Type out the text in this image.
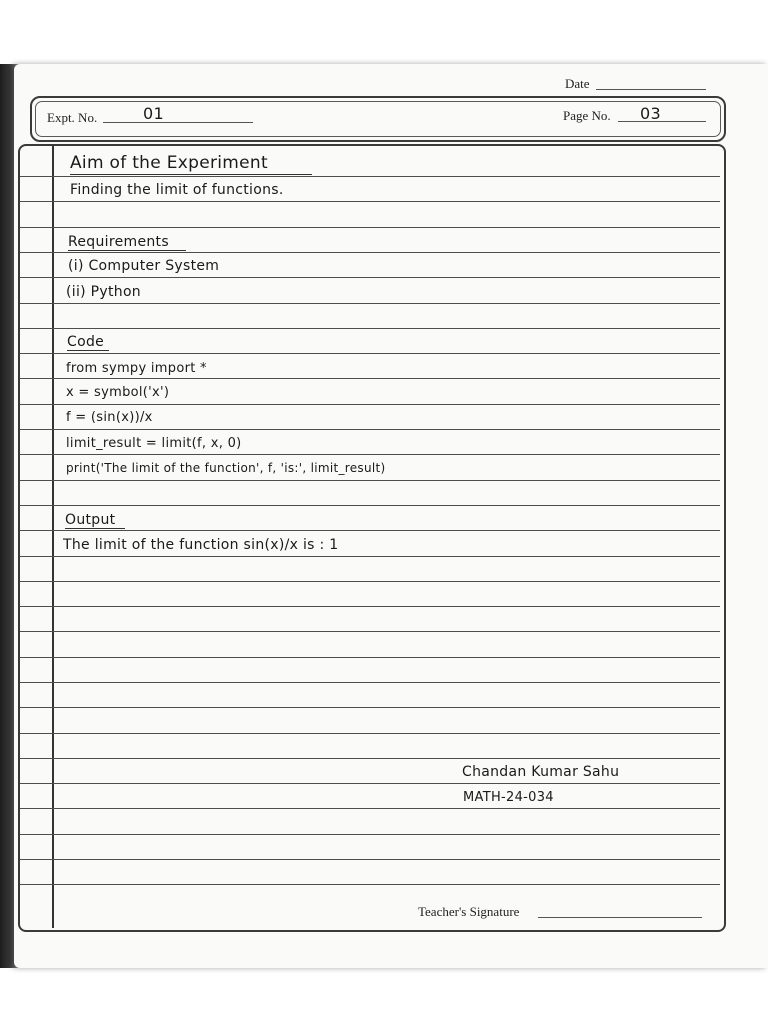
Date
Expt. No.	01	Page No. 03
Aim of the Experiment
Finding the limit of functions.
Requirements
(i) Computer System
(ii) Python
Code
from sympy import *
x = symbol('x')
f = (sin(x))/x
limit_result = limit(f, x, 0)
print('The limit of the function', f, 'is:', limit_result)
Output
The limit of the function sin(x)/x is : 1
Chandan Kumar Sahu
MATH-24-034
Teacher's Signature
